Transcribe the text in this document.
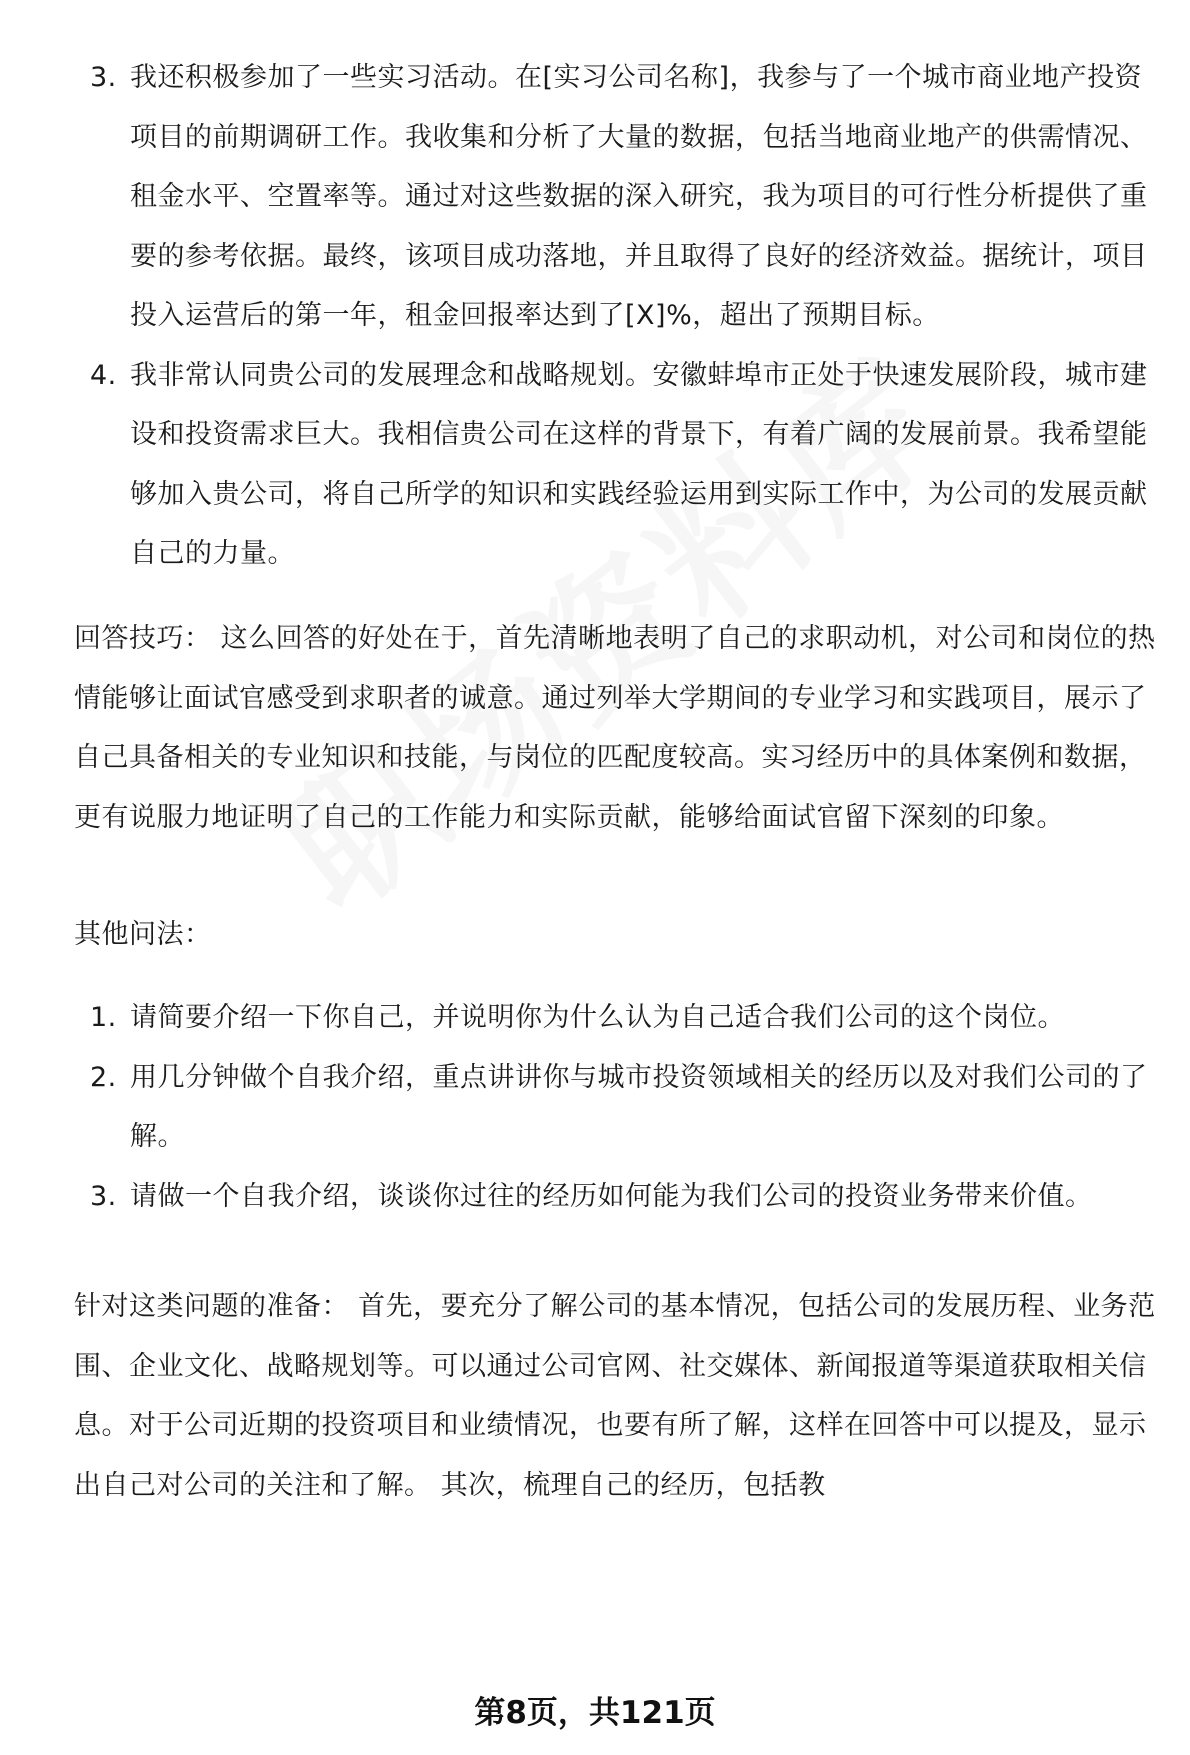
3. 我还积极参加了一些实习活动。在[实习公司名称]，我参与了一个城市商业地产投资项目的前期调研工作。我收集和分析了大量的数据，包括当地商业地产的供需情况、租金水平、空置率等。通过对这些数据的深入研究，我为项目的可行性分析提供了重要的参考依据。最终，该项目成功落地，并且取得了良好的经济效益。据统计，项目投入运营后的第一年，租金回报率达到了[X]%，超出了预期目标。
4. 我非常认同贵公司的发展理念和战略规划。安徽蚌埠市正处于快速发展阶段，城市建设和投资需求巨大。我相信贵公司在这样的背景下，有着广阔的发展前景。我希望能够加入贵公司，将自己所学的知识和实践经验运用到实际工作中，为公司的发展贡献自己的力量。

回答技巧： 这么回答的好处在于，首先清晰地表明了自己的求职动机，对公司和岗位的热情能够让面试官感受到求职者的诚意。通过列举大学期间的专业学习和实践项目，展示了自己具备相关的专业知识和技能，与岗位的匹配度较高。实习经历中的具体案例和数据，更有说服力地证明了自己的工作能力和实际贡献，能够给面试官留下深刻的印象。

其他问法：

1. 请简要介绍一下你自己，并说明你为什么认为自己适合我们公司的这个岗位。
2. 用几分钟做个自我介绍，重点讲讲你与城市投资领域相关的经历以及对我们公司的了解。
3. 请做一个自我介绍，谈谈你过往的经历如何能为我们公司的投资业务带来价值。

针对这类问题的准备： 首先，要充分了解公司的基本情况，包括公司的发展历程、业务范围、企业文化、战略规划等。可以通过公司官网、社交媒体、新闻报道等渠道获取相关信息。对于公司近期的投资项目和业绩情况，也要有所了解，这样在回答中可以提及，显示出自己对公司的关注和了解。 其次，梳理自己的经历，包括教

第8页，共121页
